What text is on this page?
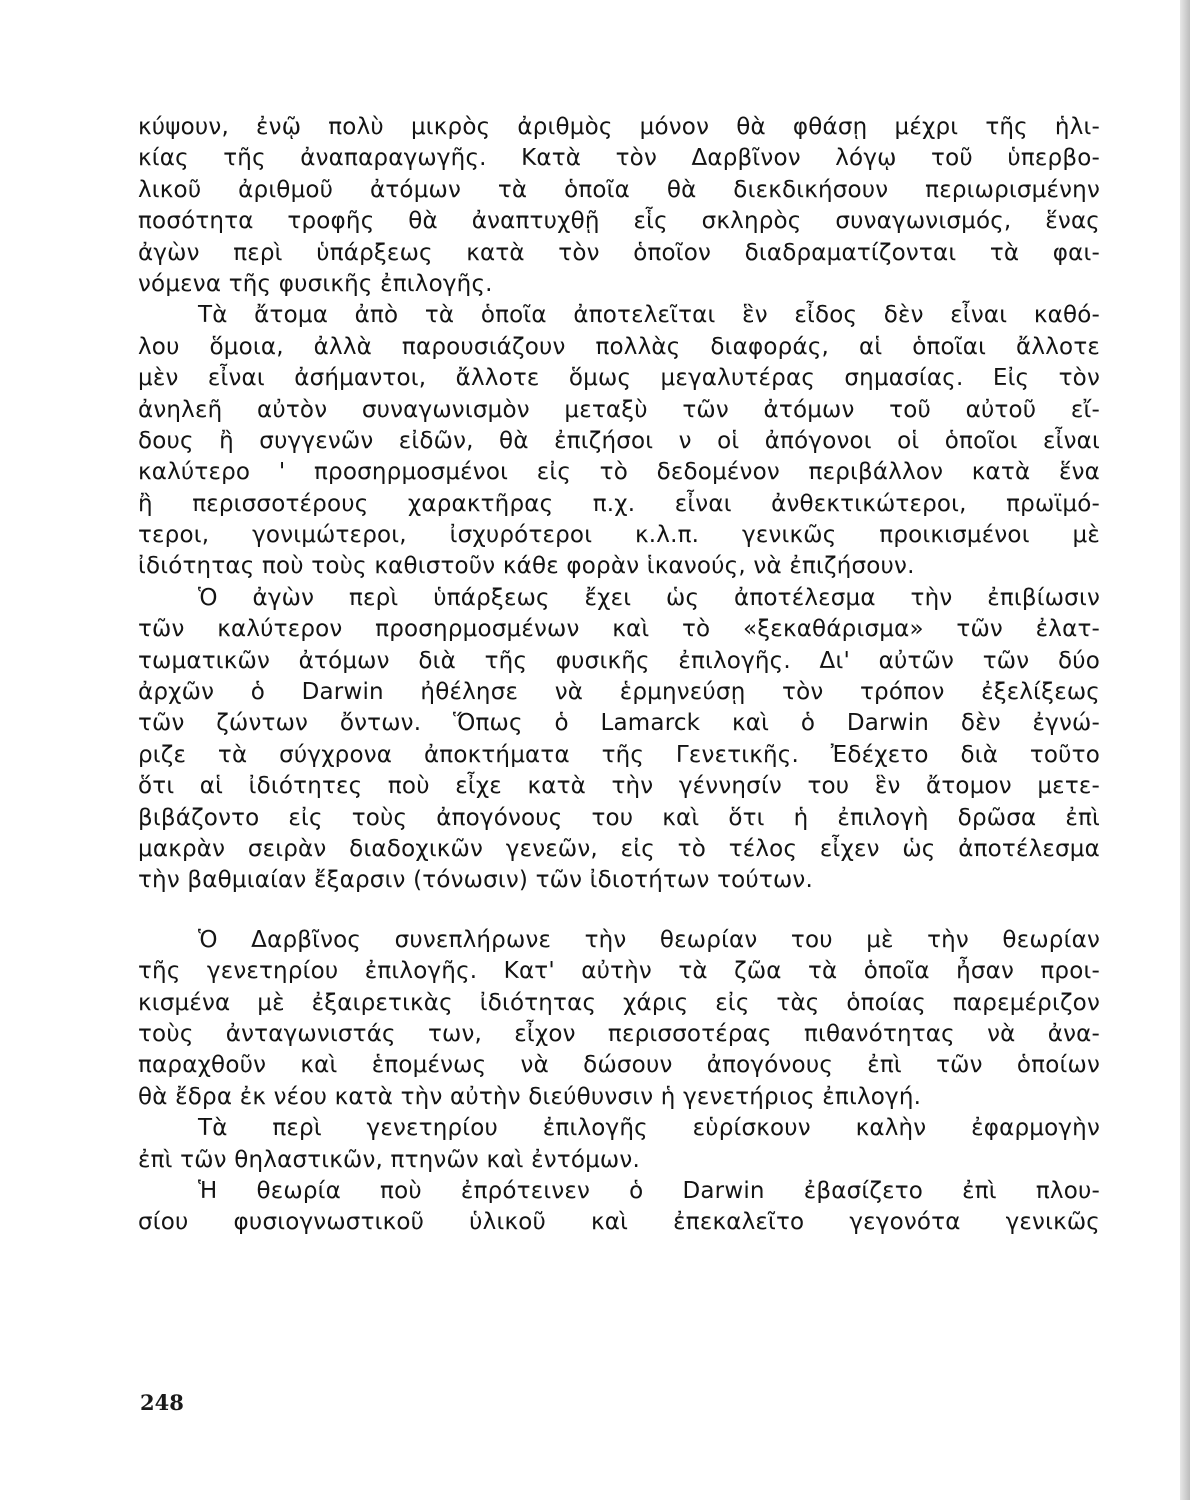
κύψουν, ἐνῷ πολὺ μικρὸς ἀριθμὸς μόνον θὰ φθάσῃ μέχρι τῆς ἡλι-
κίας τῆς ἀναπαραγωγῆς. Κατὰ τὸν Δαρβῖνον λόγῳ τοῦ ὑπερβο-
λικοῦ ἀριθμοῦ ἀτόμων τὰ ὁποῖα θὰ διεκδικήσουν περιωρισμένην
ποσότητα τροφῆς θὰ ἀναπτυχθῇ εἷς σκληρὸς συναγωνισμός, ἕνας
ἀγὼν περὶ ὑπάρξεως κατὰ τὸν ὁποῖον διαδραματίζονται τὰ φαι-
νόμενα τῆς φυσικῆς ἐπιλογῆς.
Τὰ ἄτομα ἀπὸ τὰ ὁποῖα ἀποτελεῖται ἓν εἶδος δὲν εἶναι καθό-
λου ὅμοια, ἀλλὰ παρουσιάζουν πολλὰς διαφοράς, αἱ ὁποῖαι ἄλλοτε
μὲν εἶναι ἀσήμαντοι, ἄλλοτε ὅμως μεγαλυτέρας σημασίας. Εἰς τὸν
ἀνηλεῆ αὐτὸν συναγωνισμὸν μεταξὺ τῶν ἀτόμων τοῦ αὐτοῦ εἴ-
δους ἢ συγγενῶν εἰδῶν, θὰ ἐπιζήσοι ν οἱ ἀπόγονοι οἱ ὁποῖοι εἶναι
καλύτερο ' προσηρμοσμένοι εἰς τὸ δεδομένον περιβάλλον κατὰ ἕνα
ἢ περισσοτέρους χαρακτῆρας π.χ. εἶναι ἀνθεκτικώτεροι, πρωϊμό-
τεροι, γονιμώτεροι, ἰσχυρότεροι κ.λ.π. γενικῶς προικισμένοι μὲ
ἰδιότητας ποὺ τοὺς καθιστοῦν κάθε φορὰν ἱκανούς, νὰ ἐπιζήσουν.
Ὁ ἀγὼν περὶ ὑπάρξεως ἔχει ὡς ἀποτέλεσμα τὴν ἐπιβίωσιν
τῶν καλύτερον προσηρμοσμένων καὶ τὸ «ξεκαθάρισμα» τῶν ἐλατ-
τωματικῶν ἀτόμων διὰ τῆς φυσικῆς ἐπιλογῆς. Δι' αὐτῶν τῶν δύο
ἀρχῶν ὁ Darwin ἠθέλησε νὰ ἑρμηνεύσῃ τὸν τρόπον ἐξελίξεως
τῶν ζώντων ὄντων. Ὅπως ὁ Lamarck καὶ ὁ Darwin δὲν ἐγνώ-
ριζε τὰ σύγχρονα ἀποκτήματα τῆς Γενετικῆς. Ἐδέχετο διὰ τοῦτο
ὅτι αἱ ἰδιότητες ποὺ εἶχε κατὰ τὴν γέννησίν του ἓν ἄτομον μετε-
βιβάζοντο εἰς τοὺς ἀπογόνους του καὶ ὅτι ἡ ἐπιλογὴ δρῶσα ἐπὶ
μακρὰν σειρὰν διαδοχικῶν γενεῶν, εἰς τὸ τέλος εἶχεν ὡς ἀποτέλεσμα
τὴν βαθμιαίαν ἔξαρσιν (τόνωσιν) τῶν ἰδιοτήτων τούτων.
Ὁ Δαρβῖνος συνεπλήρωνε τὴν θεωρίαν του μὲ τὴν θεωρίαν
τῆς γενετηρίου ἐπιλογῆς. Κατ' αὐτὴν τὰ ζῶα τὰ ὁποῖα ἦσαν προι-
κισμένα μὲ ἐξαιρετικὰς ἰδιότητας χάρις εἰς τὰς ὁποίας παρεμέριζον
τοὺς ἀνταγωνιστάς των, εἶχον περισσοτέρας πιθανότητας νὰ ἀνα-
παραχθοῦν καὶ ἑπομένως νὰ δώσουν ἀπογόνους ἐπὶ τῶν ὁποίων
θὰ ἔδρα ἐκ νέου κατὰ τὴν αὐτὴν διεύθυνσιν ἡ γενετήριος ἐπιλογή.
Τὰ περὶ γενετηρίου ἐπιλογῆς εὑρίσκουν καλὴν ἐφαρμογὴν
ἐπὶ τῶν θηλαστικῶν, πτηνῶν καὶ ἐντόμων.
Ἡ θεωρία ποὺ ἐπρότεινεν ὁ Darwin ἐβασίζετο ἐπὶ πλου-
σίου φυσιογνωστικοῦ ὑλικοῦ καὶ ἐπεκαλεῖτο γεγονότα γενικῶς
248
